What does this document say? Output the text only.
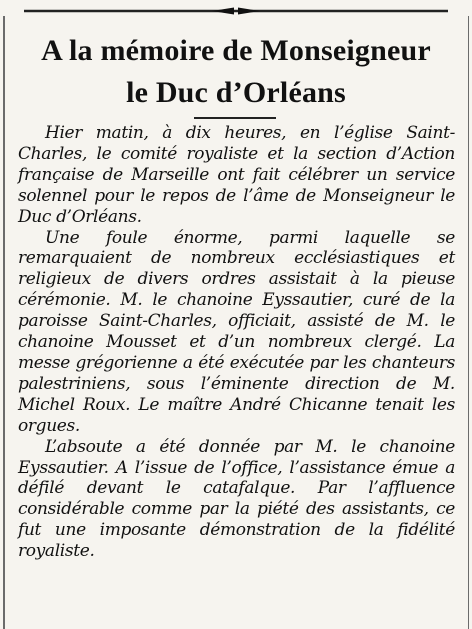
A la mémoire de Monseigneur
le Duc d’Orléans

Hier matin, à dix heures, en l’église Saint-Charles, le comité royaliste et la section d’Action française de Marseille ont fait célébrer un service solennel pour le repos de l’âme de Monseigneur le Duc d’Orléans.

Une foule énorme, parmi laquelle se remarquaient de nombreux ecclésiastiques et religieux de divers ordres assistait à la pieuse cérémonie. M. le chanoine Eyssautier, curé de la paroisse Saint-Charles, officiait, assisté de M. le chanoine Mousset et d’un nombreux clergé. La messe grégorienne a été exécutée par les chanteurs palestriniens, sous l’éminente direction de M. Michel Roux. Le maître André Chicanne tenait les orgues.

L’absoute a été donnée par M. le chanoine Eyssautier. A l’issue de l’office, l’assistance émue a défilé devant le catafalque. Par l’affluence considérable comme par la piété des assistants, ce fut une imposante démonstration de la fidélité royaliste.
